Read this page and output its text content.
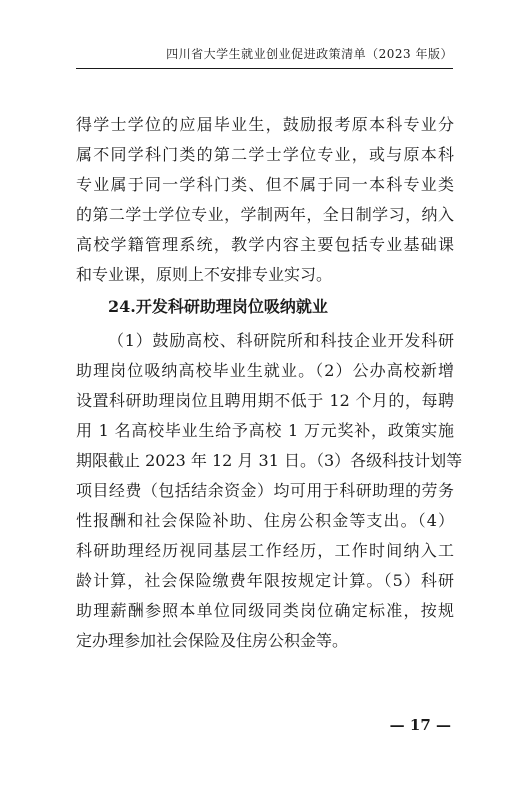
四川省大学生就业创业促进政策清单（2023 年版）
得学士学位的应届毕业生，鼓励报考原本科专业分
属不同学科门类的第二学士学位专业，或与原本科
专业属于同一学科门类、但不属于同一本科专业类
的第二学士学位专业，学制两年，全日制学习，纳入
高校学籍管理系统，教学内容主要包括专业基础课
和专业课，原则上不安排专业实习。
24.开发科研助理岗位吸纳就业
（1）鼓励高校、科研院所和科技企业开发科研
助理岗位吸纳高校毕业生就业。（2）公办高校新增
设置科研助理岗位且聘用期不低于 12 个月的，每聘
用 1 名高校毕业生给予高校 1 万元奖补，政策实施
期限截止 2023 年 12 月 31 日。（3）各级科技计划等
项目经费（包括结余资金）均可用于科研助理的劳务
性报酬和社会保险补助、住房公积金等支出。（4）
科研助理经历视同基层工作经历，工作时间纳入工
龄计算，社会保险缴费年限按规定计算。（5）科研
助理薪酬参照本单位同级同类岗位确定标准，按规
定办理参加社会保险及住房公积金等。
— 17 —
